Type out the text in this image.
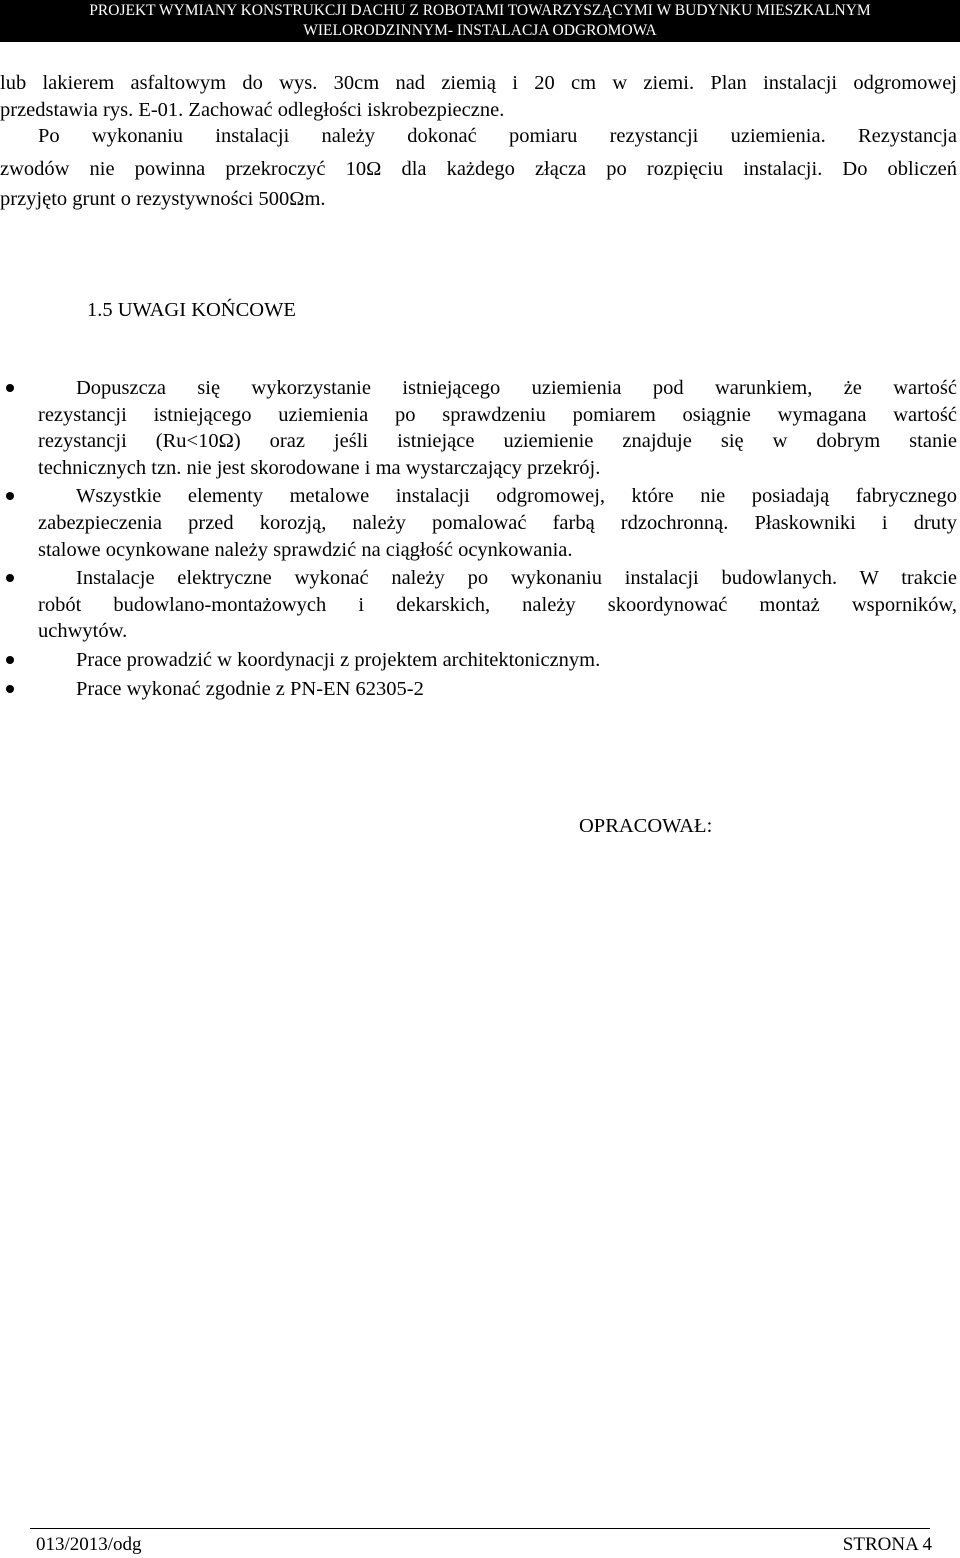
PROJEKT WYMIANY KONSTRUKCJI DACHU Z ROBOTAMI TOWARZYSZĄCYMI W BUDYNKU MIESZKALNYM
WIELORODZINNYM- INSTALACJA ODGROMOWA
lub lakierem asfaltowym do wys. 30cm nad ziemią i 20 cm w ziemi. Plan instalacji odgromowej
przedstawia rys. E-01. Zachować odległości iskrobezpieczne.
Po wykonaniu instalacji należy dokonać pomiaru rezystancji uziemienia. Rezystancja
zwodów nie powinna przekroczyć 10Ω dla każdego złącza po rozpięciu instalacji. Do obliczeń
przyjęto grunt o rezystywności 500Ωm.
1.5 UWAGI KOŃCOWE
Dopuszcza się wykorzystanie istniejącego uziemienia pod warunkiem, że wartość
rezystancji istniejącego uziemienia po sprawdzeniu pomiarem osiągnie wymagana wartość
rezystancji (Ru<10Ω) oraz jeśli istniejące uziemienie znajduje się w dobrym stanie
technicznych tzn. nie jest skorodowane i ma wystarczający przekrój.
Wszystkie elementy metalowe instalacji odgromowej, które nie posiadają fabrycznego
zabezpieczenia przed korozją, należy pomalować farbą rdzochronną. Płaskowniki i druty
stalowe ocynkowane należy sprawdzić na ciągłość ocynkowania.
Instalacje elektryczne wykonać należy po wykonaniu instalacji budowlanych. W trakcie
robót budowlano-montażowych i dekarskich, należy skoordynować montaż wsporników,
uchwytów.
Prace prowadzić w koordynacji z projektem architektonicznym.
Prace wykonać zgodnie z PN-EN 62305-2
OPRACOWAŁ:
013/2013/odg	STRONA 4
